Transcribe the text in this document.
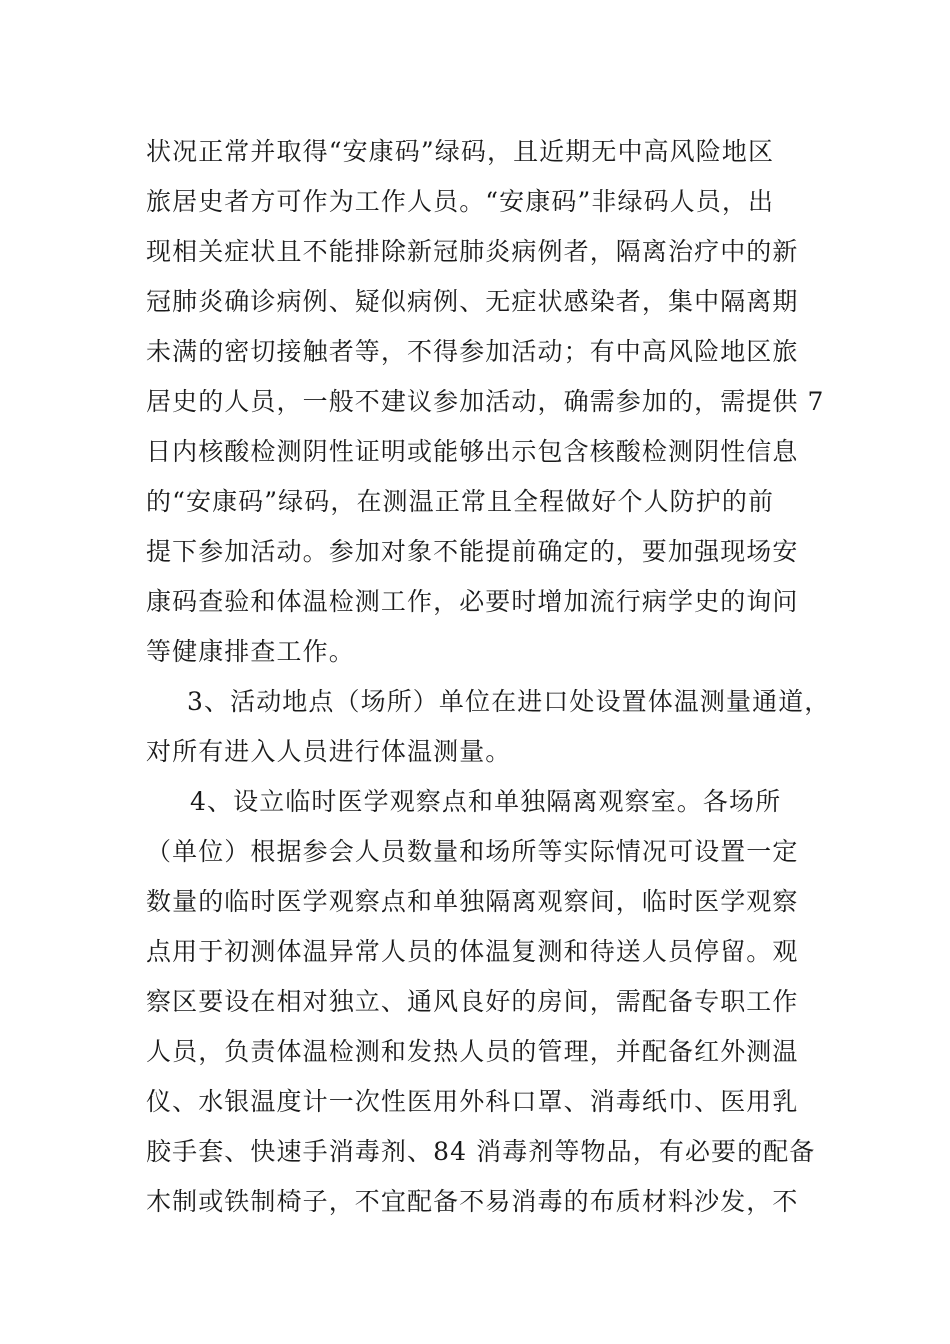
状况正常并取得“安康码”绿码，且近期无中高风险地区
旅居史者方可作为工作人员。“安康码”非绿码人员，出
现相关症状且不能排除新冠肺炎病例者，隔离治疗中的新
冠肺炎确诊病例、疑似病例、无症状感染者，集中隔离期
未满的密切接触者等，不得参加活动；有中高风险地区旅
居史的人员，一般不建议参加活动，确需参加的，需提供 7
日内核酸检测阴性证明或能够出示包含核酸检测阴性信息
的“安康码”绿码，在测温正常且全程做好个人防护的前
提下参加活动。参加对象不能提前确定的，要加强现场安
康码查验和体温检测工作，必要时增加流行病学史的询问
等健康排查工作。
3、活动地点（场所）单位在进口处设置体温测量通道，
对所有进入人员进行体温测量。
4、设立临时医学观察点和单独隔离观察室。各场所
（单位）根据参会人员数量和场所等实际情况可设置一定
数量的临时医学观察点和单独隔离观察间，临时医学观察
点用于初测体温异常人员的体温复测和待送人员停留。观
察区要设在相对独立、通风良好的房间，需配备专职工作
人员，负责体温检测和发热人员的管理，并配备红外测温
仪、水银温度计一次性医用外科口罩、消毒纸巾、医用乳
胶手套、快速手消毒剂、84 消毒剂等物品，有必要的配备
木制或铁制椅子，不宜配备不易消毒的布质材料沙发，不
